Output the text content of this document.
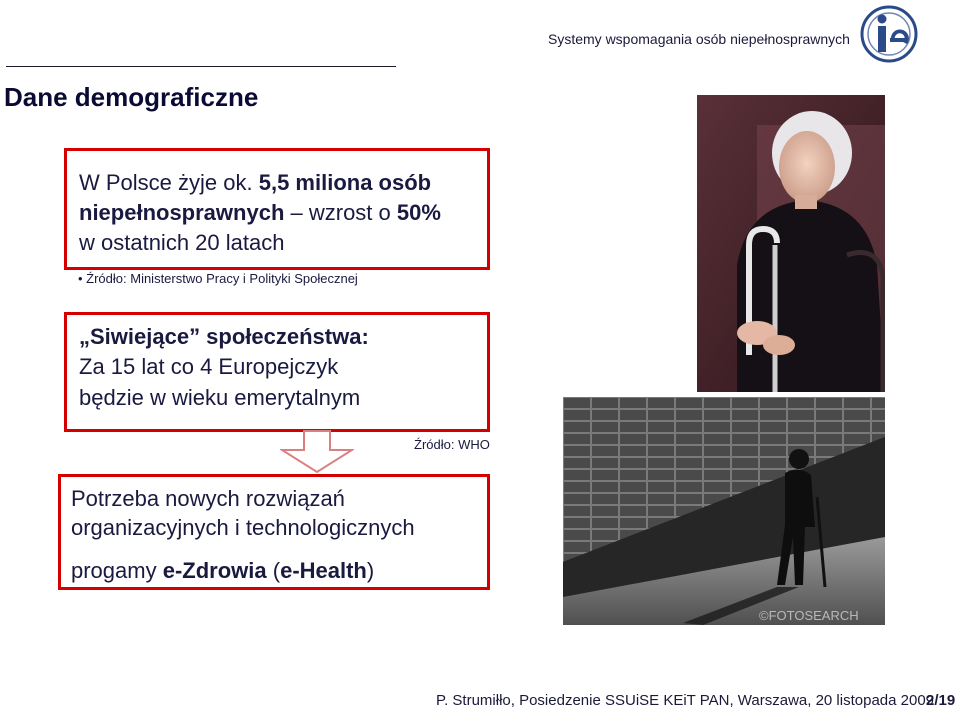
Systemy wspomagania osób niepełnosprawnych
Dane demograficzne
W Polsce żyje ok. 5,5 miliona osób
niepełnosprawnych – wzrost o 50%
w ostatnich 20 latach
• Źródło: Ministerstwo Pracy i Polityki Społecznej
„Siwiejące” społeczeństwa:
Za 15 lat co 4 Europejczyk
będzie w wieku emerytalnym
Źródło: WHO
Potrzeba nowych rozwiązań
organizacyjnych i technologicznych
progamy e-Zdrowia (e-Health)
©FOTOSEARCH
P. Strumiłło, Posiedzenie SSUiSE KEiT PAN, Warszawa, 20 listopada 2009
2/19
